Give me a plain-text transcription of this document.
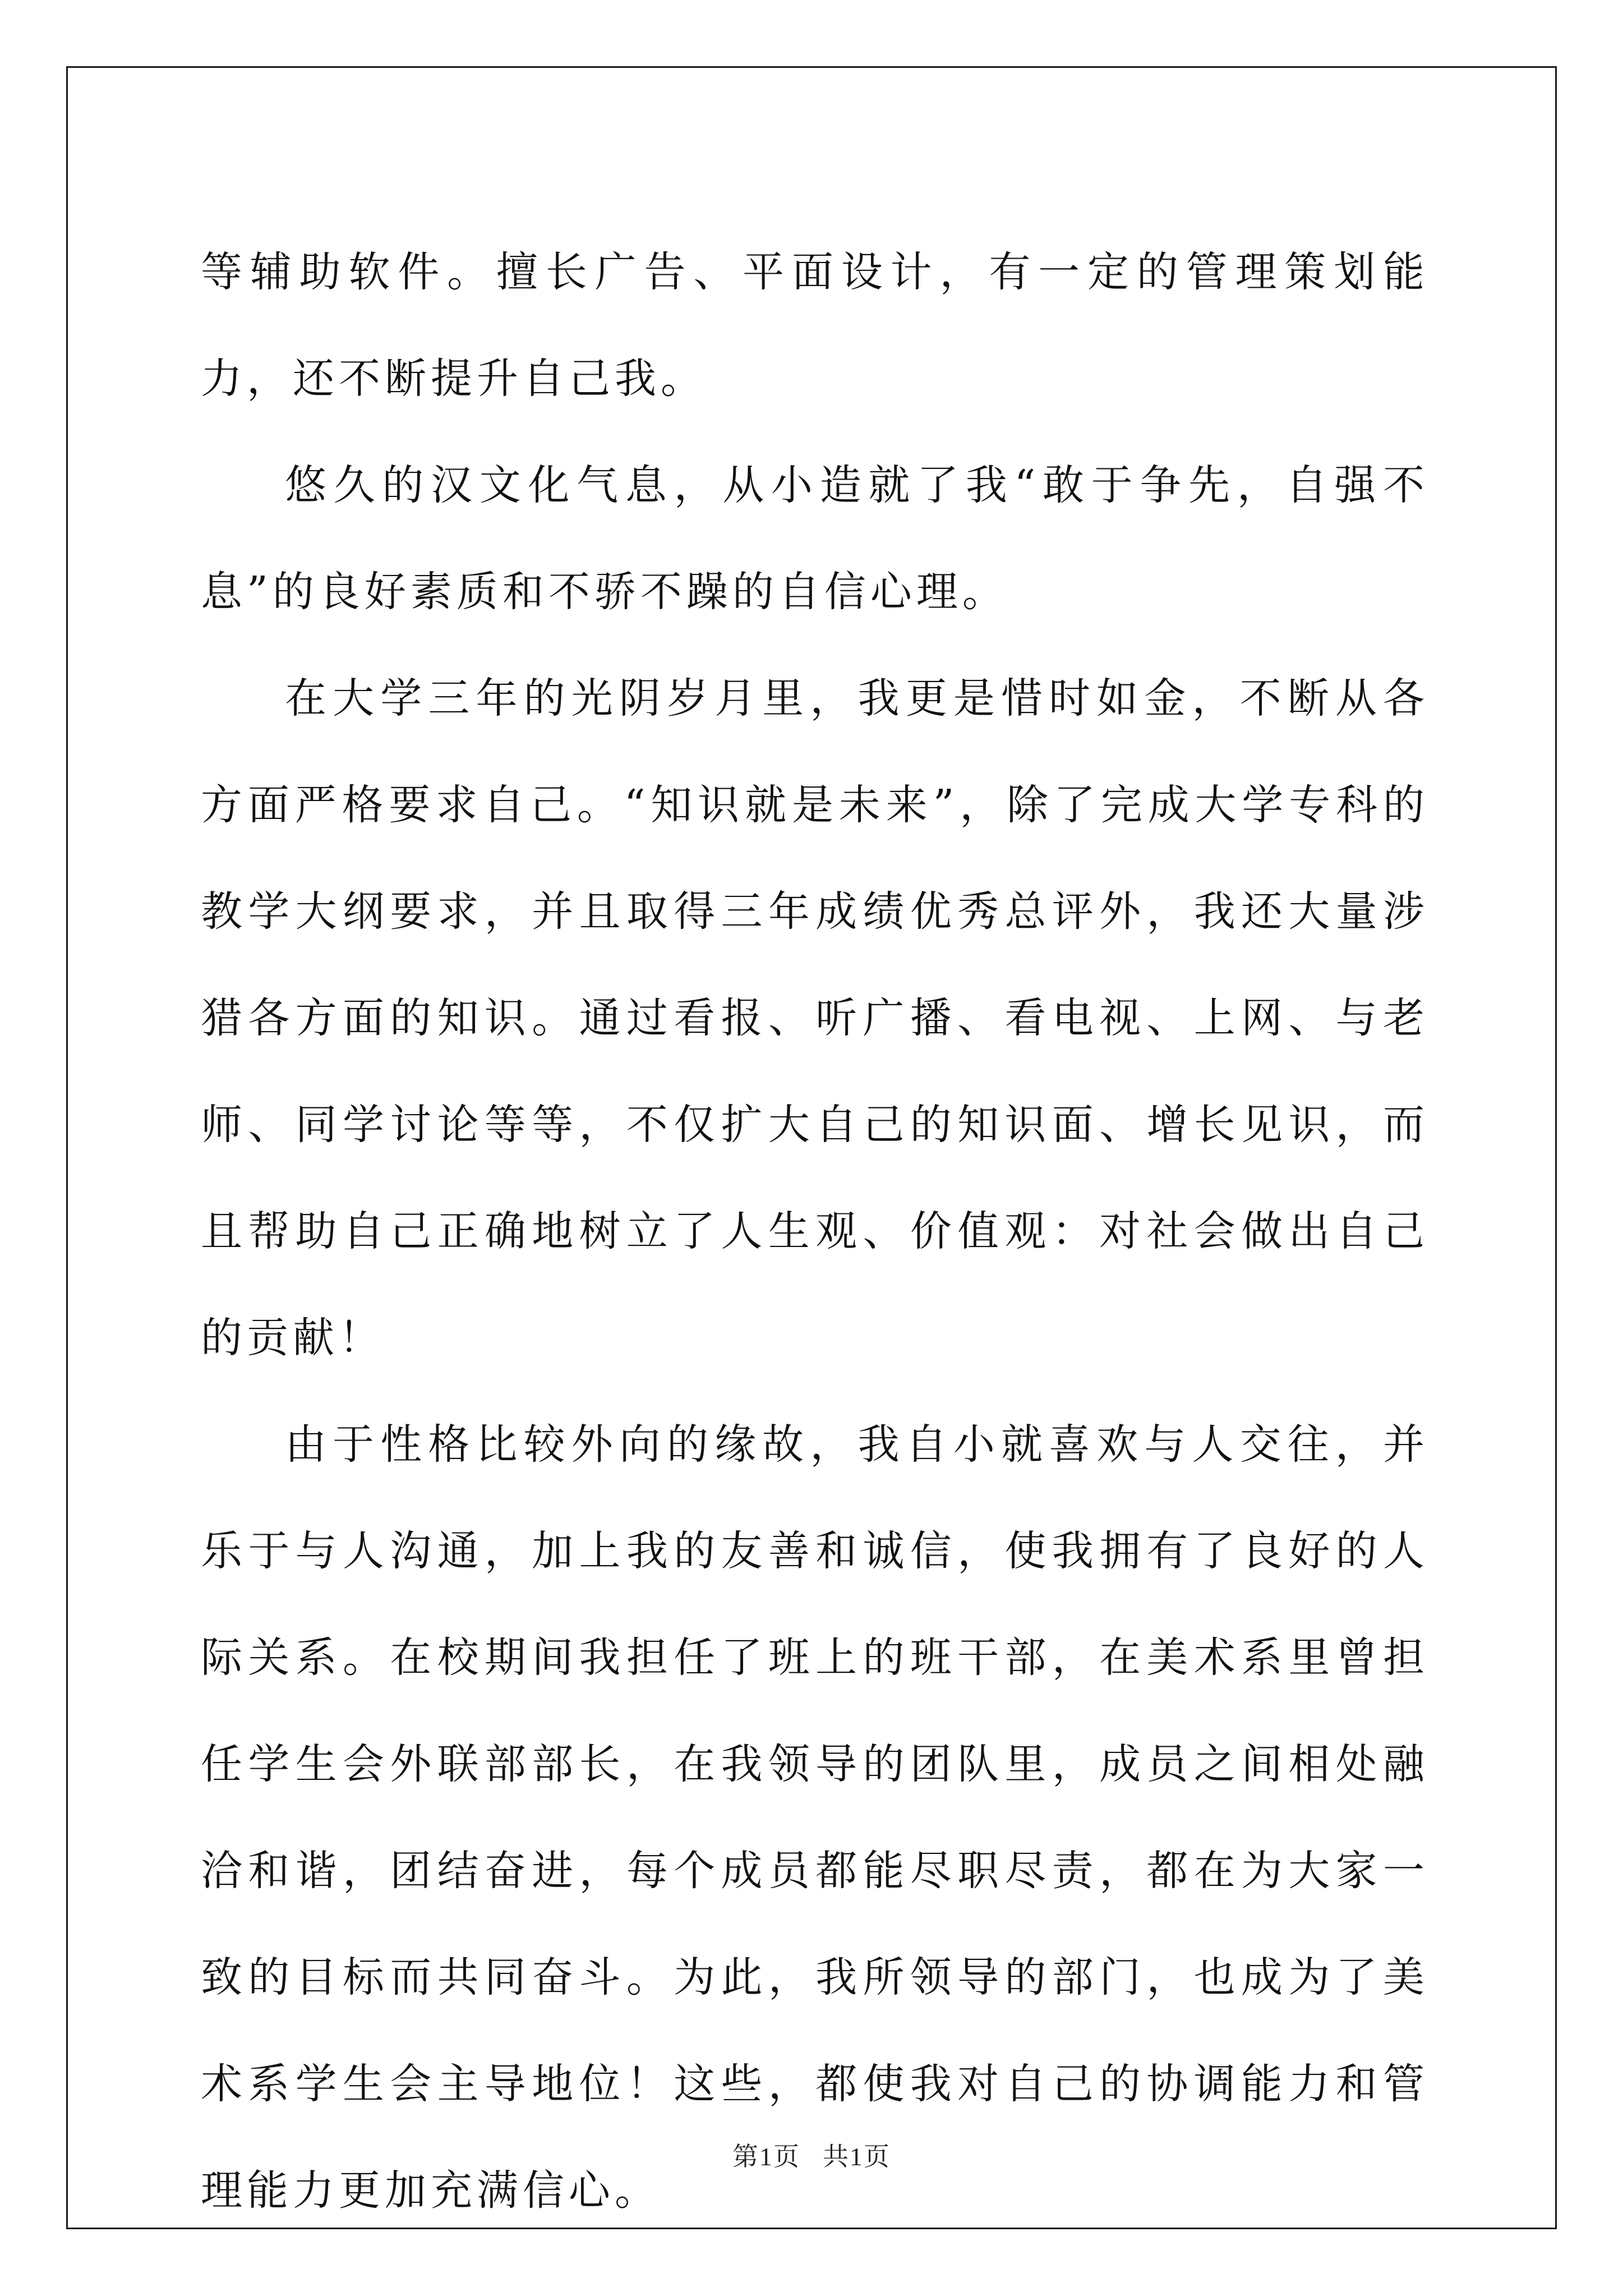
等辅助软件。擅长广告、平面设计，有一定的管理策划能力，还不断提升自己我。

悠久的汉文化气息，从小造就了我“敢于争先，自强不息”的良好素质和不骄不躁的自信心理。

在大学三年的光阴岁月里，我更是惜时如金，不断从各方面严格要求自己。“知识就是未来”，除了完成大学专科的教学大纲要求，并且取得三年成绩优秀总评外，我还大量涉猎各方面的知识。通过看报、听广播、看电视、上网、与老师、同学讨论等等，不仅扩大自己的知识面、增长见识，而且帮助自己正确地树立了人生观、价值观：对社会做出自己的贡献！

由于性格比较外向的缘故，我自小就喜欢与人交往，并乐于与人沟通，加上我的友善和诚信，使我拥有了良好的人际关系。在校期间我担任了班上的班干部，在美术系里曾担任学生会外联部部长，在我领导的团队里，成员之间相处融洽和谐，团结奋进，每个成员都能尽职尽责，都在为大家一致的目标而共同奋斗。为此，我所领导的部门，也成为了美术系学生会主导地位！这些，都使我对自己的协调能力和管理能力更加充满信心。

第1页 共1页
